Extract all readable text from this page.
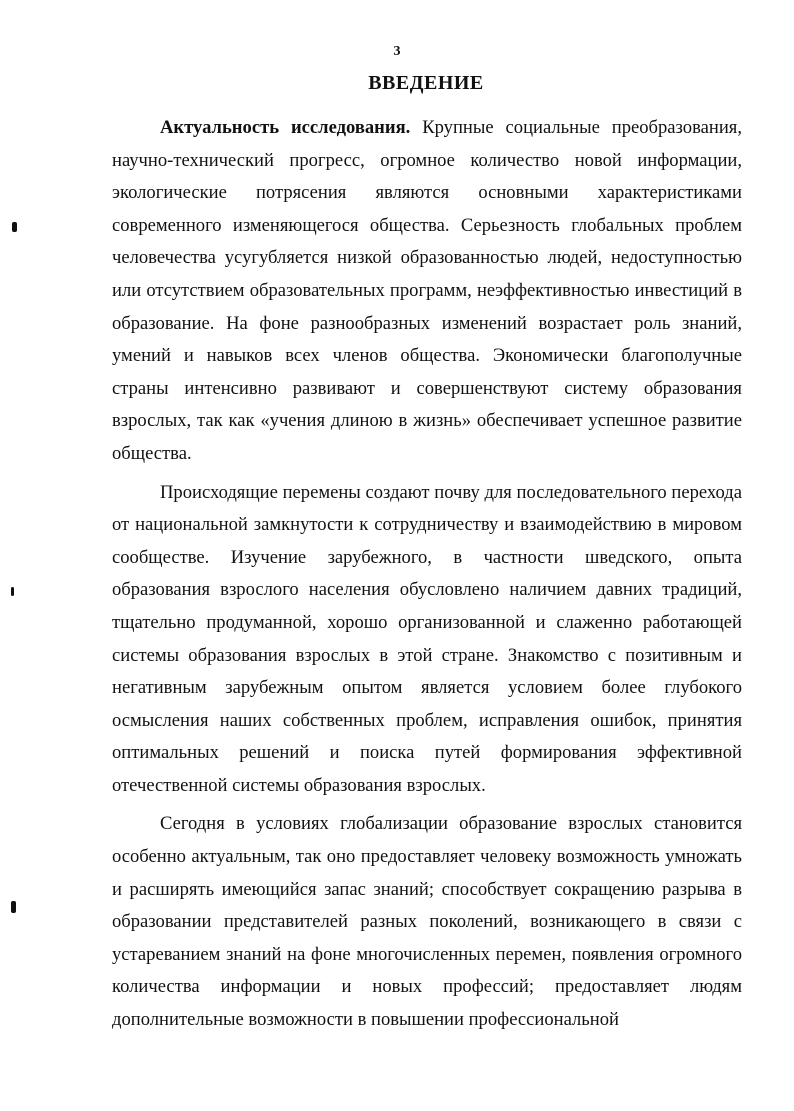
3
ВВЕДЕНИЕ

Актуальность исследования. Крупные социальные преобразования, научно-технический прогресс, огромное количество новой информации, экологические потрясения являются основными характеристиками современного изменяющегося общества. Серьезность глобальных проблем человечества усугубляется низкой образованностью людей, недоступностью или отсутствием образовательных программ, неэффективностью инвестиций в образование. На фоне разнообразных изменений возрастает роль знаний, умений и навыков всех членов общества. Экономически благополучные страны интенсивно развивают и совершенствуют систему образования взрослых, так как «учения длиною в жизнь» обеспечивает успешное развитие общества.

Происходящие перемены создают почву для последовательного перехода от национальной замкнутости к сотрудничеству и взаимодействию в мировом сообществе. Изучение зарубежного, в частности шведского, опыта образования взрослого населения обусловлено наличием давних традиций, тщательно продуманной, хорошо организованной и слаженно работающей системы образования взрослых в этой стране. Знакомство с позитивным и негативным зарубежным опытом является условием более глубокого осмысления наших собственных проблем, исправления ошибок, принятия оптимальных решений и поиска путей формирования эффективной отечественной системы образования взрослых.

Сегодня в условиях глобализации образование взрослых становится особенно актуальным, так оно предоставляет человеку возможность умножать и расширять имеющийся запас знаний; способствует сокращению разрыва в образовании представителей разных поколений, возникающего в связи с устареванием знаний на фоне многочисленных перемен, появления огромного количества информации и новых профессий; предоставляет людям дополнительные возможности в повышении профессиональной
